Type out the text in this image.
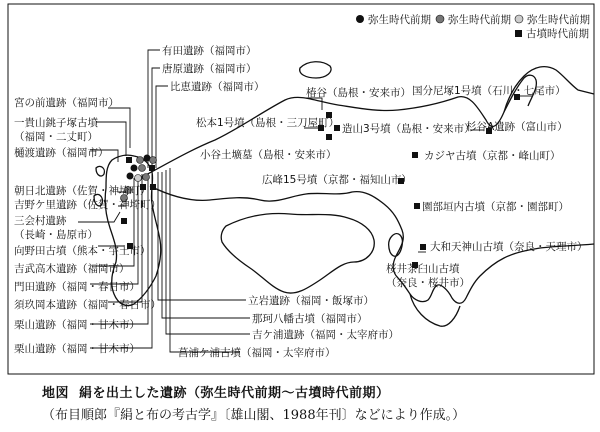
弥生時代前期 弥生時代前期 弥生時代前期
古墳時代前期
有田遺跡（福岡市）
唐原遺跡（福岡市）
比恵遺跡（福岡市）
宮の前遺跡（福岡市）
一貴山銚子塚古墳
（福岡・二丈町）
樋渡遺跡（福岡市）
朝日北遺跡（佐賀・神埼町）
吉野ケ里遺跡（佐賀・神埼町）
三会村遺跡
（長崎・島原市）
向野田古墳（熊本・宇土市）
吉武高木遺跡（福岡市）
門田遺跡（福岡・春日市）
須玖岡本遺跡（福岡・春日市）
栗山遺跡（福岡・甘木市）
栗山遺跡（福岡・甘木市）
立岩遺跡（福岡・飯塚市）
那珂八幡古墳（福岡市）
吉ケ浦遺跡（福岡・太宰府市）
菖浦ケ浦古墳（福岡・太宰府市）
椿谷（島根・安来市）
松本1号墳（島根・三刀屋町） 造山3号墳（島根・安来市）
小谷土壙墓（島根・安来市）
国分尼塚1号墳（石川・七尾市）
杉谷A遺跡（富山市）
カジヤ古墳（京都・峰山町）
広峰15号墳（京都・福知山市）
園部垣内古墳（京都・園部町）
大和天神山古墳（奈良・天理市）
桜井茶臼山古墳
（奈良・桜井市）
地図 絹を出土した遺跡（弥生時代前期〜古墳時代前期）
（布目順郎『絹と布の考古学』〔雄山閣、1988年刊〕などにより作成。）
